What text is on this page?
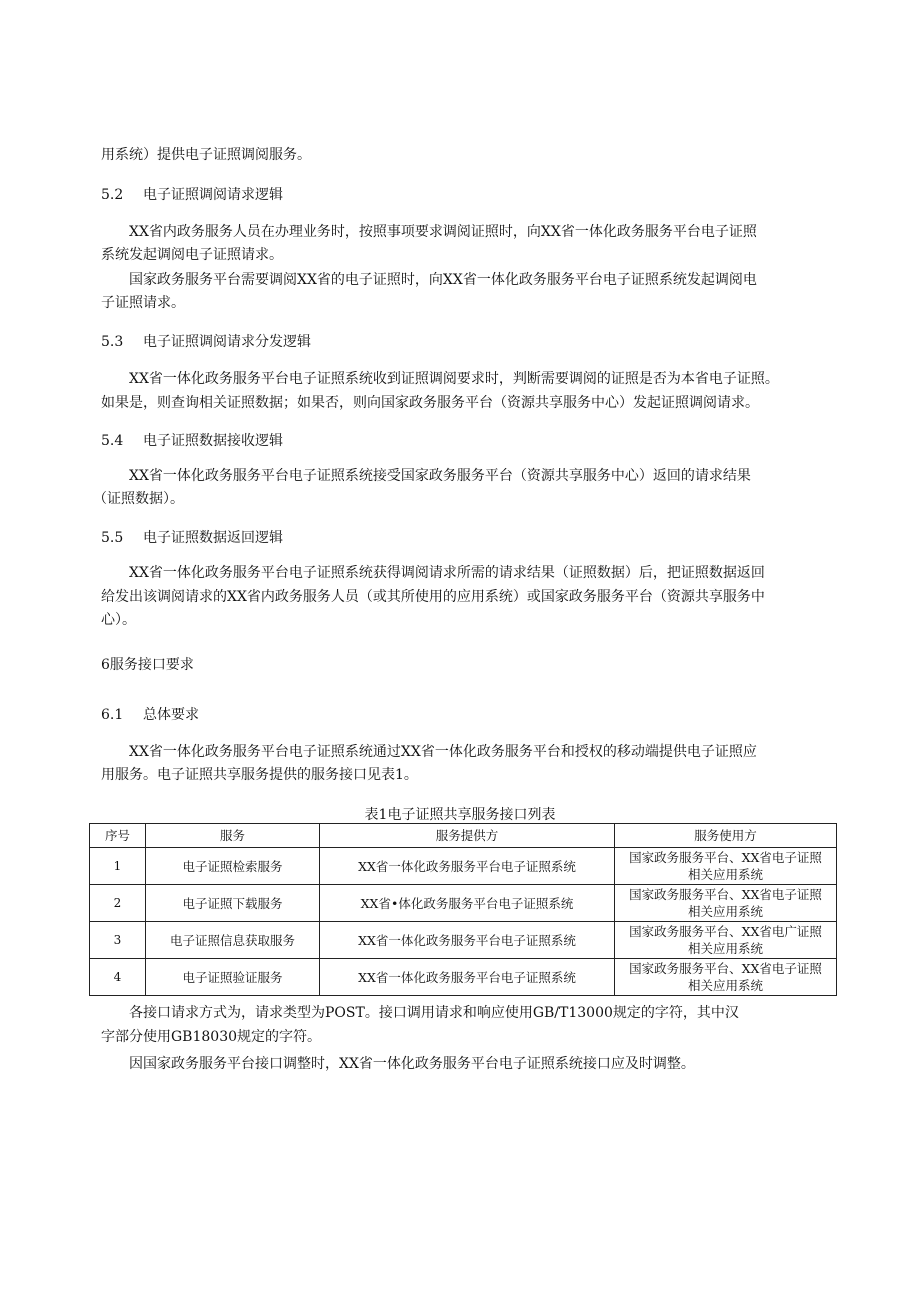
用系统）提供电子证照调阅服务。
5.2 电子证照调阅请求逻辑
XX省内政务服务人员在办理业务时，按照事项要求调阅证照时，向XX省一体化政务服务平台电子证照
系统发起调阅电子证照请求。
国家政务服务平台需要调阅XX省的电子证照时，向XX省一体化政务服务平台电子证照系统发起调阅电
子证照请求。
5.3 电子证照调阅请求分发逻辑
XX省一体化政务服务平台电子证照系统收到证照调阅要求时，判断需要调阅的证照是否为本省电子证照。
如果是，则查询相关证照数据；如果否，则向国家政务服务平台（资源共享服务中心）发起证照调阅请求。
5.4 电子证照数据接收逻辑
XX省一体化政务服务平台电子证照系统接受国家政务服务平台（资源共享服务中心）返回的请求结果
（证照数据）。
5.5 电子证照数据返回逻辑
XX省一体化政务服务平台电子证照系统获得调阅请求所需的请求结果（证照数据）后，把证照数据返回
给发出该调阅请求的XX省内政务服务人员（或其所使用的应用系统）或国家政务服务平台（资源共享服务中
心）。
6服务接口要求
6.1 总体要求
XX省一体化政务服务平台电子证照系统通过XX省一体化政务服务平台和授权的移动端提供电子证照应
用服务。电子证照共享服务提供的服务接口见表1。
表1电子证照共享服务接口列表
序号	服务	服务提供方	服务使用方
1	电子证照检索服务	XX省一体化政务服务平台电子证照系统	国家政务服务平台、XX省电子证照
相关应用系统
2	电子证照下载服务	XX省•体化政务服务平台电子证照系统	国家政务服务平台、XX省电子证照
相关应用系统
3	电子证照信息获取服务	XX省一体化政务服务平台电子证照系统	国家政务服务平台、XX省电广证照
相关应用系统
4	电子证照验证服务	XX省一体化政务服务平台电子证照系统	国家政务服务平台、XX省电子证照
相关应用系统
各接口请求方式为，请求类型为POST。接口调用请求和响应使用GB/T13000规定的字符，其中汉
字部分使用GB18030规定的字符。
因国家政务服务平台接口调整时，XX省一体化政务服务平台电子证照系统接口应及时调整。
